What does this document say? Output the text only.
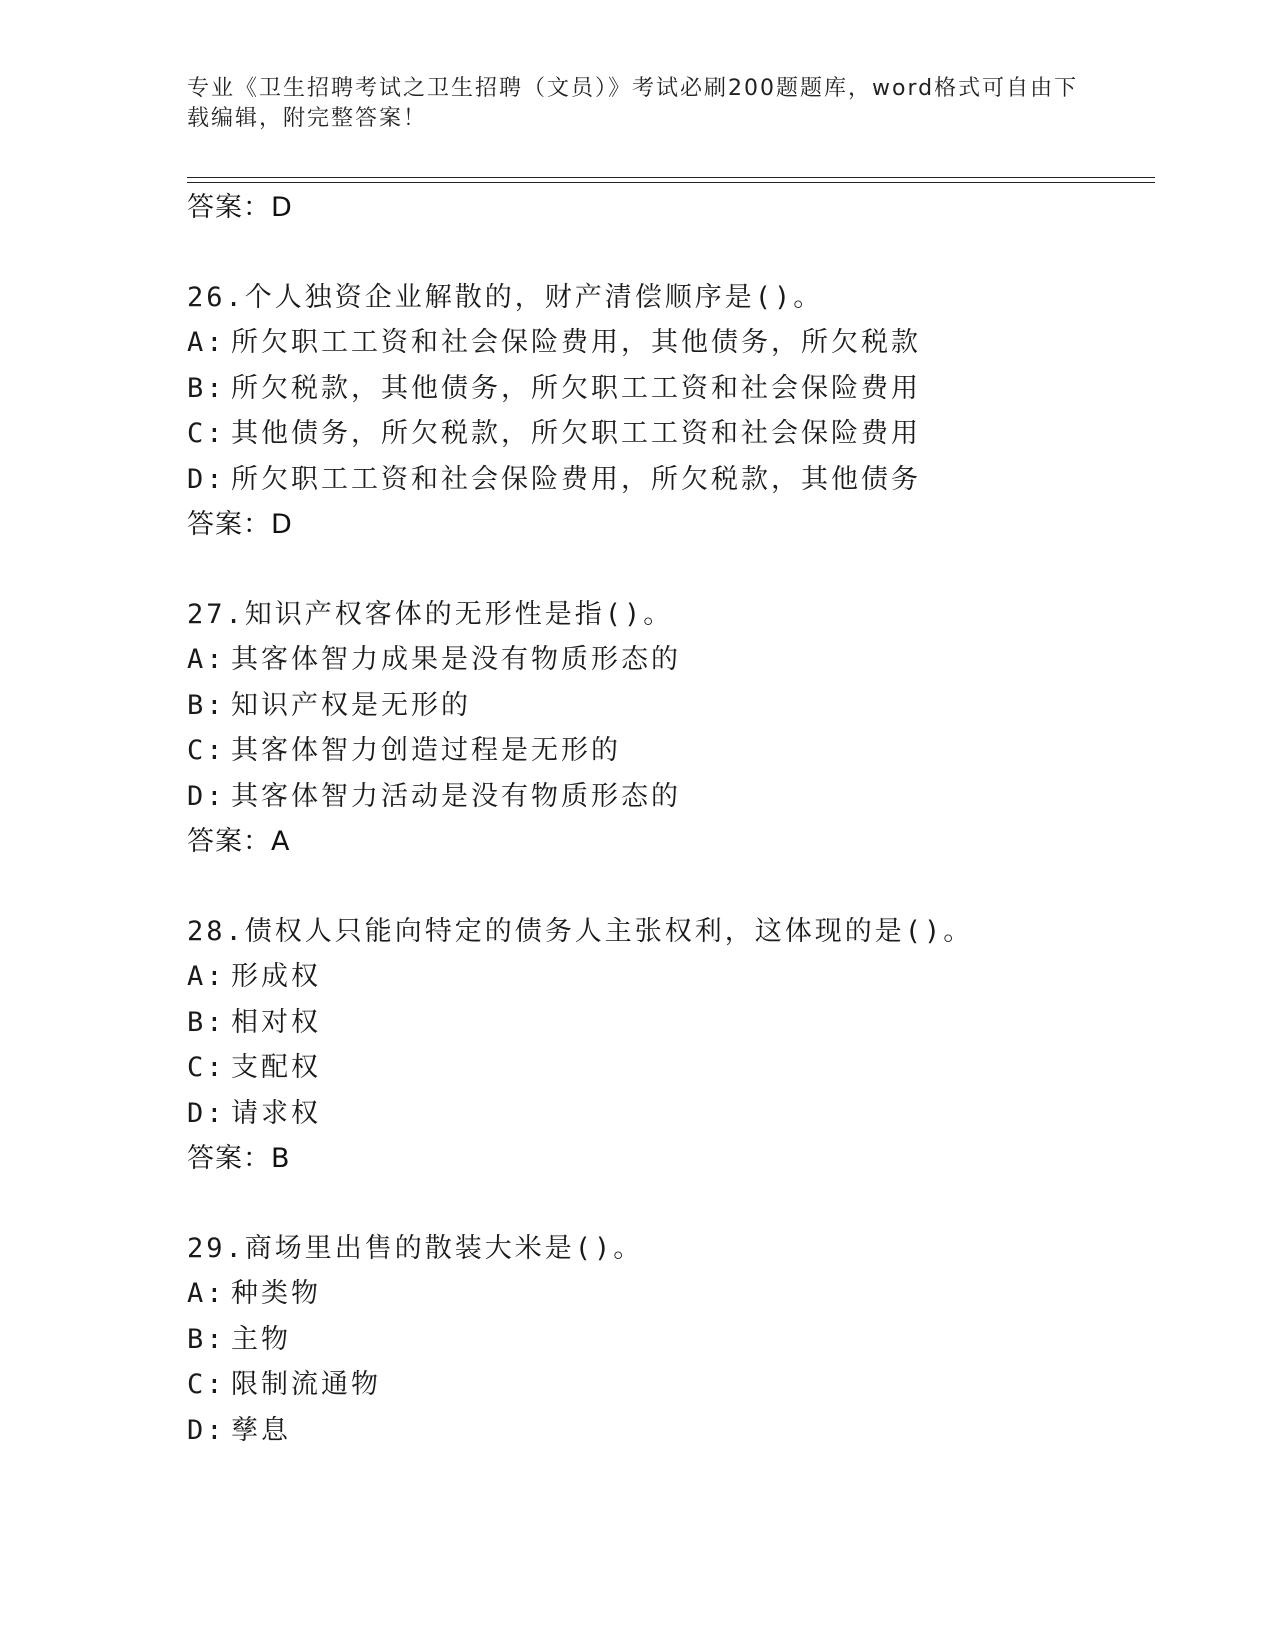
专业《卫生招聘考试之卫生招聘（文员）》考试必刷200题题库，word格式可自由下载编辑，附完整答案！
答案：D
26.个人独资企业解散的，财产清偿顺序是()。
A: 所欠职工工资和社会保险费用，其他债务，所欠税款
B: 所欠税款，其他债务，所欠职工工资和社会保险费用
C: 其他债务，所欠税款，所欠职工工资和社会保险费用
D: 所欠职工工资和社会保险费用，所欠税款，其他债务
答案：D
27.知识产权客体的无形性是指()。
A: 其客体智力成果是没有物质形态的
B: 知识产权是无形的
C: 其客体智力创造过程是无形的
D: 其客体智力活动是没有物质形态的
答案：A
28.债权人只能向特定的债务人主张权利，这体现的是()。
A: 形成权
B: 相对权
C: 支配权
D: 请求权
答案：B
29.商场里出售的散装大米是()。
A: 种类物
B: 主物
C: 限制流通物
D: 孳息
